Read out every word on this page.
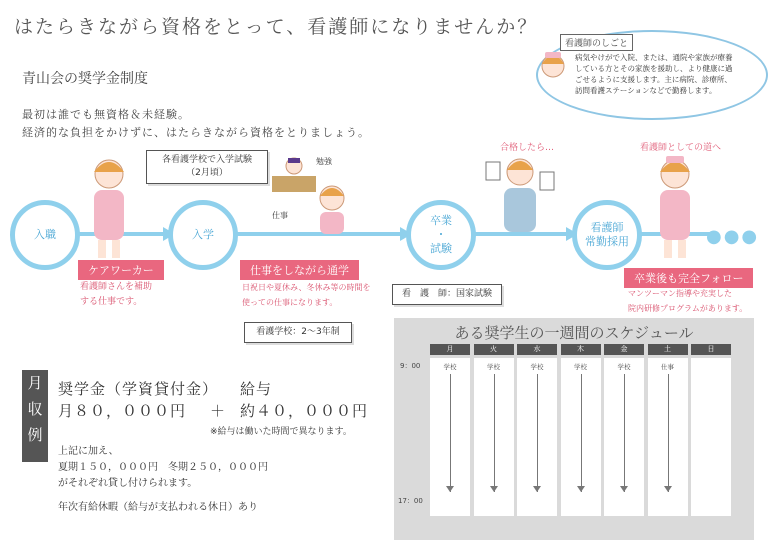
はたらきながら資格をとって、看護師になりませんか？
青山会の奨学金制度
最初は誰でも無資格＆未経験。
経済的な負担をかけずに、はたらきながら資格をとりましょう。
看護師のしごと
病気やけがで入院、または、通院や家族が療養している方とその家族を援助し、より健康に過ごせるように支援します。主に病院、診療所、訪問看護ステーションなどで勤務します。
●●●
入職	入学
卒業
・
試験
看護師
常勤採用
各看護学校で入学試験
（2月頃）
看護学校：2〜3年制
看　護　師：国家試験
合格したら…	看護師としての道へ
勉強
仕事
ケアワーカー
看護師さんを補助
する仕事です。
仕事をしながら通学
日祝日や夏休み、冬休み等の時間を
使っての仕事になります。
卒業後も完全フォロー
マンツーマン指導や充実した
院内研修プログラムがあります。
ある奨学生の一週間のスケジュール
9：00
17：00
月
学校
火
学校
水
学校
木
学校
金
学校
土
仕事
日
月
収
例
奨学金（学資貸付金）
月８０，０００円 ＋
給与
約４０，０００円
※給与は働いた時間で異なります。
上記に加え、
夏期１５０，０００円　冬期２５０，０００円
がそれぞれ貸し付けられます。
年次有給休暇（給与が支払われる休日）あり
